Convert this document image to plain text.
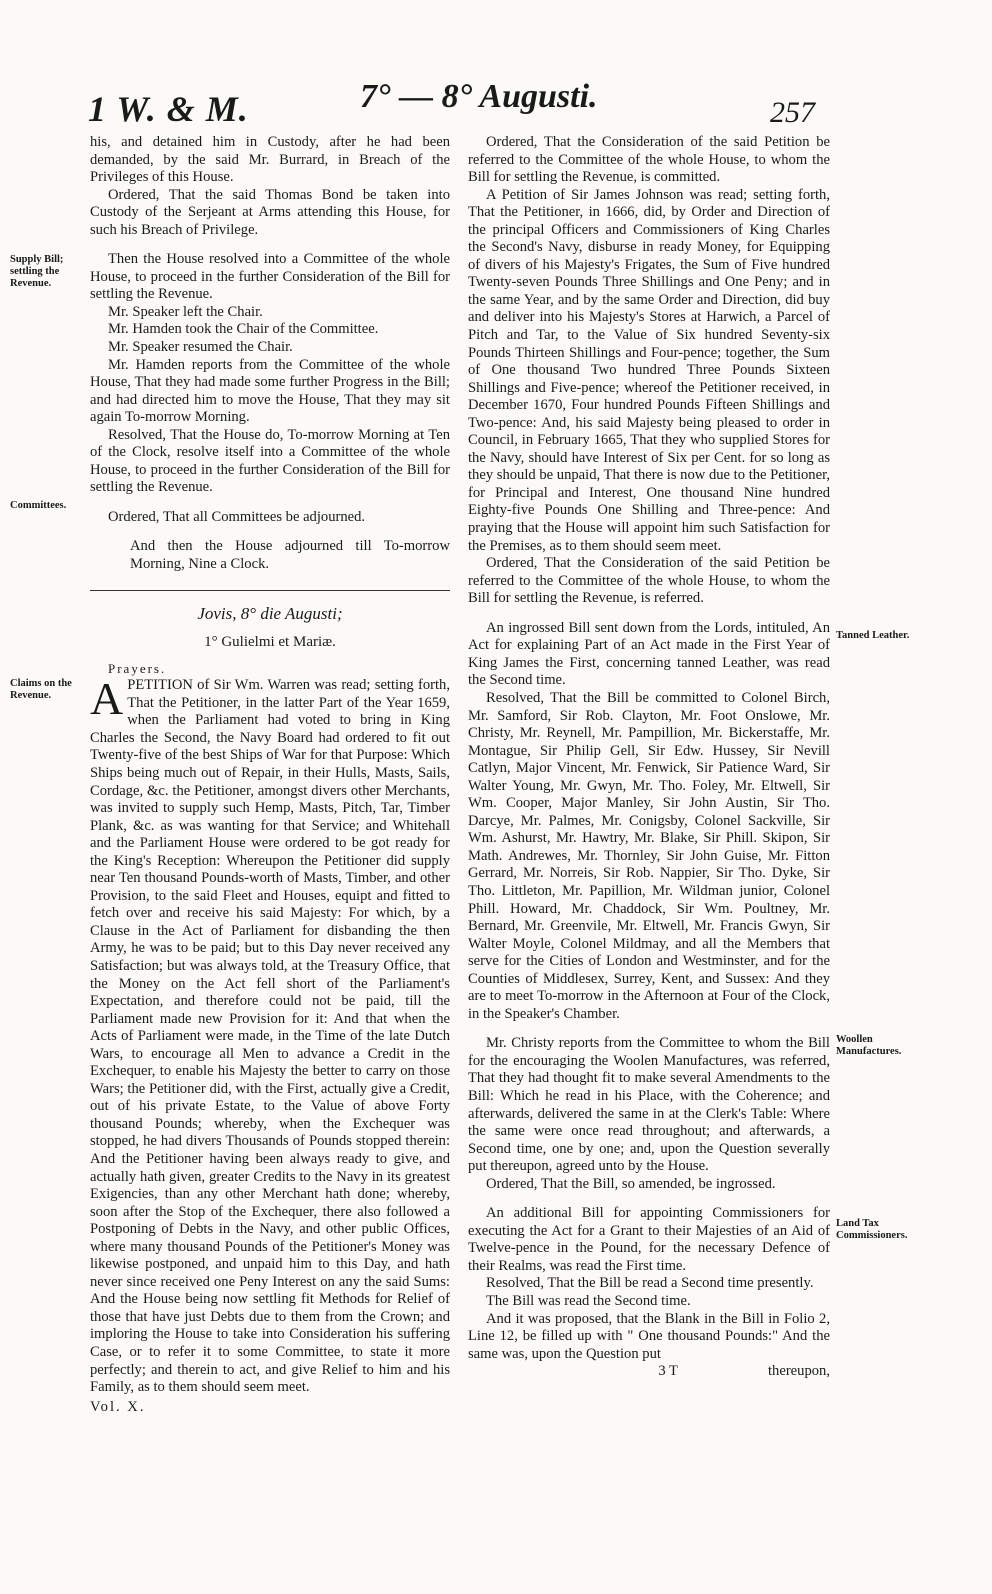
1 W. & M.	7° — 8° Augusti.	257
Supply Bill; settling the Revenue.
Committees.
Claims on the Revenue.
Tanned Leather.
Woollen Manufactures.
Land Tax Commissioners.

his, and detained him in Custody, after he had been demanded, by the said Mr. Burrard, in Breach of the Privileges of this House.

Ordered, That the said Thomas Bond be taken into Custody of the Serjeant at Arms attending this House, for such his Breach of Privilege.

Then the House resolved into a Committee of the whole House, to proceed in the further Consideration of the Bill for settling the Revenue.

Mr. Speaker left the Chair.

Mr. Hamden took the Chair of the Committee.

Mr. Speaker resumed the Chair.

Mr. Hamden reports from the Committee of the whole House, That they had made some further Progress in the Bill; and had directed him to move the House, That they may sit again To-morrow Morning.

Resolved, That the House do, To-morrow Morning at Ten of the Clock, resolve itself into a Committee of the whole House, to proceed in the further Consideration of the Bill for settling the Revenue.

Ordered, That all Committees be adjourned.

And then the House adjourned till To-morrow Morning, Nine a Clock.

Jovis, 8° die Augusti;
1° Gulielmi et Mariæ.

Prayers.

APETITION of Sir Wm. Warren was read; setting forth, That the Petitioner, in the latter Part of the Year 1659, when the Parliament had voted to bring in King Charles the Second, the Navy Board had ordered to fit out Twenty-five of the best Ships of War for that Purpose: Which Ships being much out of Repair, in their Hulls, Masts, Sails, Cordage, &c. the Petitioner, amongst divers other Merchants, was invited to supply such Hemp, Masts, Pitch, Tar, Timber Plank, &c. as was wanting for that Service; and Whitehall and the Parliament House were ordered to be got ready for the King's Reception: Whereupon the Petitioner did supply near Ten thousand Pounds-worth of Masts, Timber, and other Provision, to the said Fleet and Houses, equipt and fitted to fetch over and receive his said Majesty: For which, by a Clause in the Act of Parliament for disbanding the then Army, he was to be paid; but to this Day never received any Satisfaction; but was always told, at the Treasury Office, that the Money on the Act fell short of the Parliament's Expectation, and therefore could not be paid, till the Parliament made new Provision for it: And that when the Acts of Parliament were made, in the Time of the late Dutch Wars, to encourage all Men to advance a Credit in the Exchequer, to enable his Majesty the better to carry on those Wars; the Petitioner did, with the First, actually give a Credit, out of his private Estate, to the Value of above Forty thousand Pounds; whereby, when the Exchequer was stopped, he had divers Thousands of Pounds stopped therein: And the Petitioner having been always ready to give, and actually hath given, greater Credits to the Navy in its greatest Exigencies, than any other Merchant hath done; whereby, soon after the Stop of the Exchequer, there also followed a Postponing of Debts in the Navy, and other public Offices, where many thousand Pounds of the Petitioner's Money was likewise postponed, and unpaid him to this Day, and hath never since received one Peny Interest on any the said Sums: And the House being now settling fit Methods for Relief of those that have just Debts due to them from the Crown; and imploring the House to take into Consideration his suffering Case, or to refer it to some Committee, to state it more perfectly; and therein to act, and give Relief to him and his Family, as to them should seem meet.

Vol. X.

Ordered, That the Consideration of the said Petition be referred to the Committee of the whole House, to whom the Bill for settling the Revenue, is committed.

A Petition of Sir James Johnson was read; setting forth, That the Petitioner, in 1666, did, by Order and Direction of the principal Officers and Commissioners of King Charles the Second's Navy, disburse in ready Money, for Equipping of divers of his Majesty's Frigates, the Sum of Five hundred Twenty-seven Pounds Three Shillings and One Peny; and in the same Year, and by the same Order and Direction, did buy and deliver into his Majesty's Stores at Harwich, a Parcel of Pitch and Tar, to the Value of Six hundred Seventy-six Pounds Thirteen Shillings and Four-pence; together, the Sum of One thousand Two hundred Three Pounds Sixteen Shillings and Five-pence; whereof the Petitioner received, in December 1670, Four hundred Pounds Fifteen Shillings and Two-pence: And, his said Majesty being pleased to order in Council, in February 1665, That they who supplied Stores for the Navy, should have Interest of Six per Cent. for so long as they should be unpaid, That there is now due to the Petitioner, for Principal and Interest, One thousand Nine hundred Eighty-five Pounds One Shilling and Three-pence: And praying that the House will appoint him such Satisfaction for the Premises, as to them should seem meet.

Ordered, That the Consideration of the said Petition be referred to the Committee of the whole House, to whom the Bill for settling the Revenue, is referred.

An ingrossed Bill sent down from the Lords, intituled, An Act for explaining Part of an Act made in the First Year of King James the First, concerning tanned Leather, was read the Second time.

Resolved, That the Bill be committed to Colonel Birch, Mr. Samford, Sir Rob. Clayton, Mr. Foot Onslowe, Mr. Christy, Mr. Reynell, Mr. Pampillion, Mr. Bickerstaffe, Mr. Montague, Sir Philip Gell, Sir Edw. Hussey, Sir Nevill Catlyn, Major Vincent, Mr. Fenwick, Sir Patience Ward, Sir Walter Young, Mr. Gwyn, Mr. Tho. Foley, Mr. Eltwell, Sir Wm. Cooper, Major Manley, Sir John Austin, Sir Tho. Darcye, Mr. Palmes, Mr. Conigsby, Colonel Sackville, Sir Wm. Ashurst, Mr. Hawtry, Mr. Blake, Sir Phill. Skipon, Sir Math. Andrewes, Mr. Thornley, Sir John Guise, Mr. Fitton Gerrard, Mr. Norreis, Sir Rob. Nappier, Sir Tho. Dyke, Sir Tho. Littleton, Mr. Papillion, Mr. Wildman junior, Colonel Phill. Howard, Mr. Chaddock, Sir Wm. Poultney, Mr. Bernard, Mr. Greenvile, Mr. Eltwell, Mr. Francis Gwyn, Sir Walter Moyle, Colonel Mildmay, and all the Members that serve for the Cities of London and Westminster, and for the Counties of Middlesex, Surrey, Kent, and Sussex: And they are to meet To-morrow in the Afternoon at Four of the Clock, in the Speaker's Chamber.

Mr. Christy reports from the Committee to whom the Bill for the encouraging the Woolen Manufactures, was referred, That they had thought fit to make several Amendments to the Bill: Which he read in his Place, with the Coherence; and afterwards, delivered the same in at the Clerk's Table: Where the same were once read throughout; and afterwards, a Second time, one by one; and, upon the Question severally put thereupon, agreed unto by the House.

Ordered, That the Bill, so amended, be ingrossed.

An additional Bill for appointing Commissioners for executing the Act for a Grant to their Majesties of an Aid of Twelve-pence in the Pound, for the necessary Defence of their Realms, was read the First time.

Resolved, That the Bill be read a Second time presently.

The Bill was read the Second time.

And it was proposed, that the Blank in the Bill in Folio 2, Line 12, be filled up with " One thousand Pounds:" And the same was, upon the Question put

3 T	thereupon,
